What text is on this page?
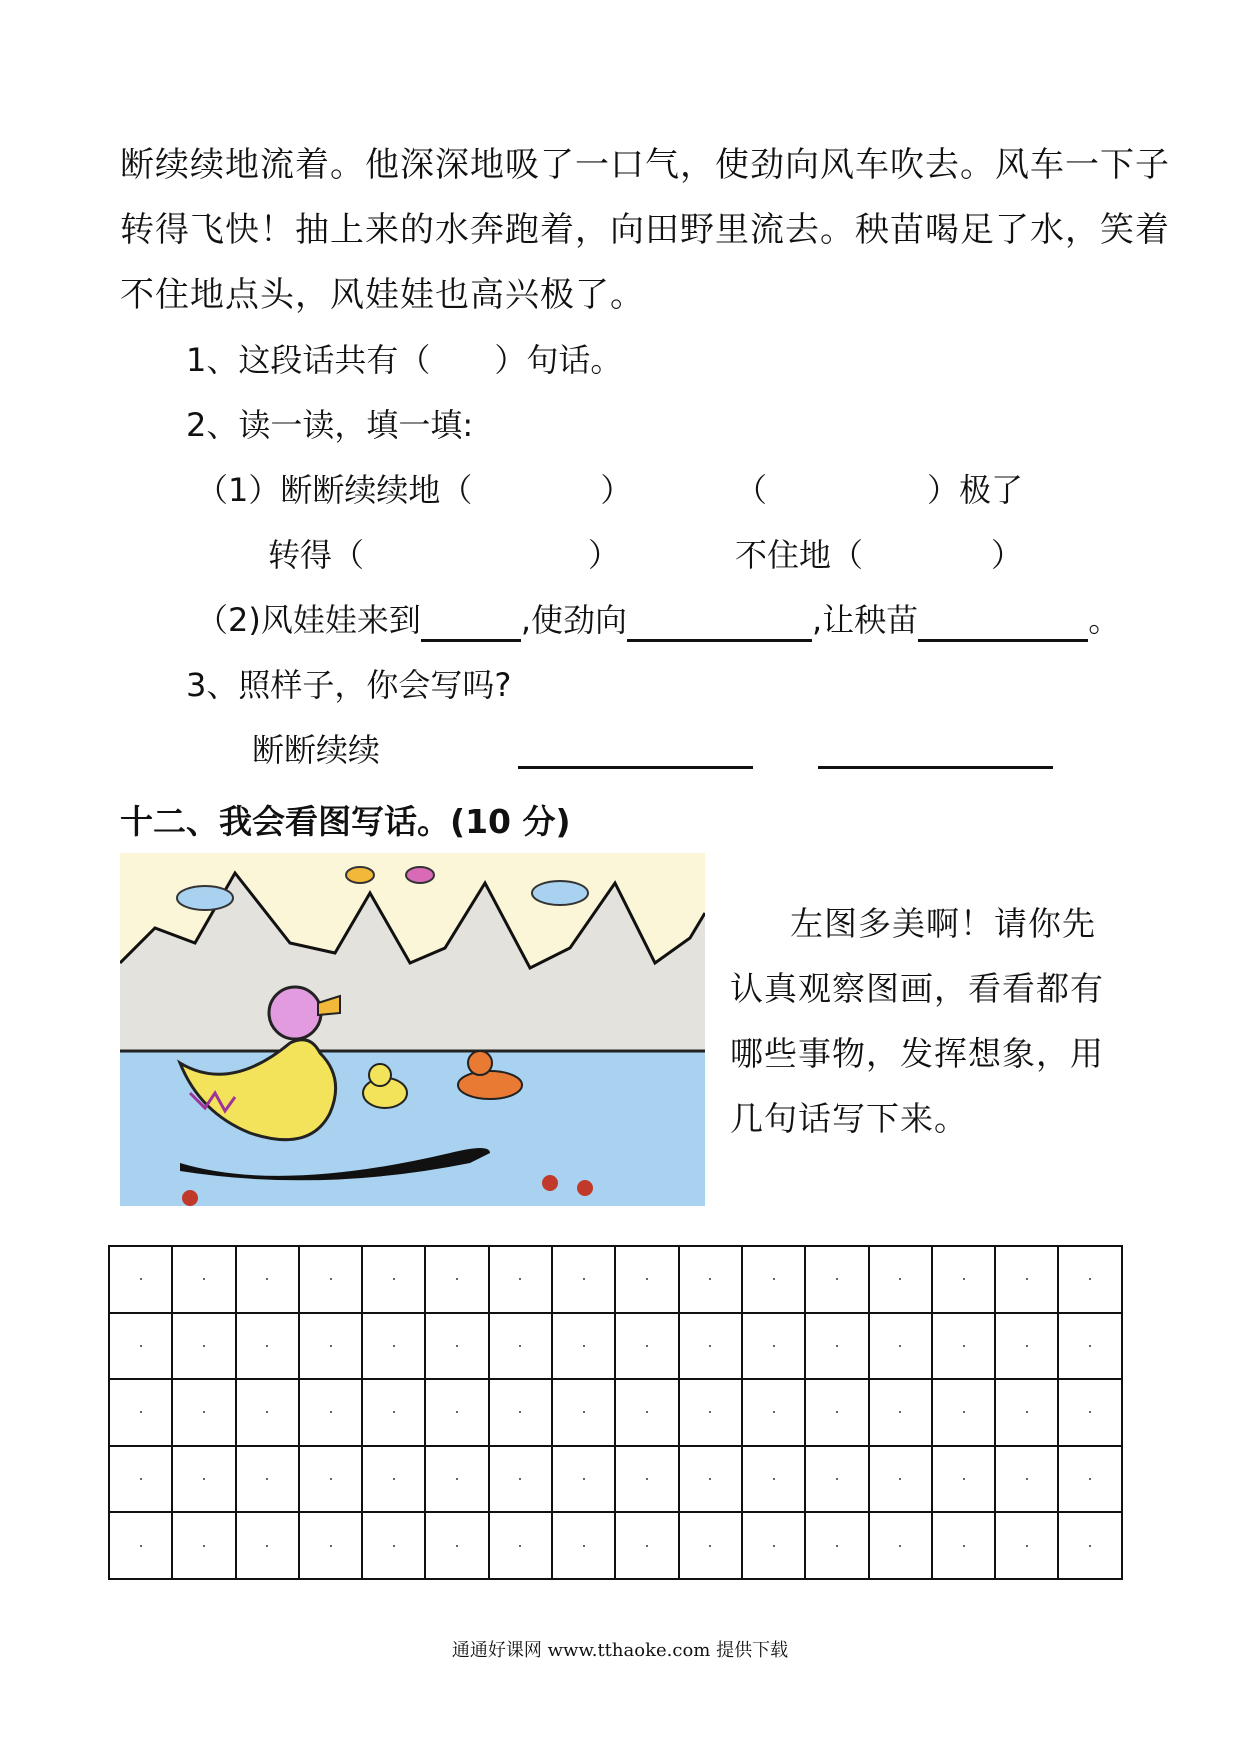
断续续地流着。他深深地吸了一口气，使劲向风车吹去。风车一下子
转得飞快！抽上来的水奔跑着，向田野里流去。秧苗喝足了水，笑着
不住地点头，风娃娃也高兴极了。
1、这段话共有（　　）句话。
2、读一读，填一填:
（1）断断续续地（　　　　）	（　　　　　）极了
转得（　　　　　　　）	不住地（　　　　）
（2)风娃娃来到	,使劲向	,让秧苗	。
3、照样子，你会写吗?
断断续续
十二、我会看图写话。(10 分)
左图多美啊！请你先
认真观察图画，看看都有
哪些事物，发挥想象，用
几句话写下来。

通通好课网 www.tthaoke.com 提供下载
